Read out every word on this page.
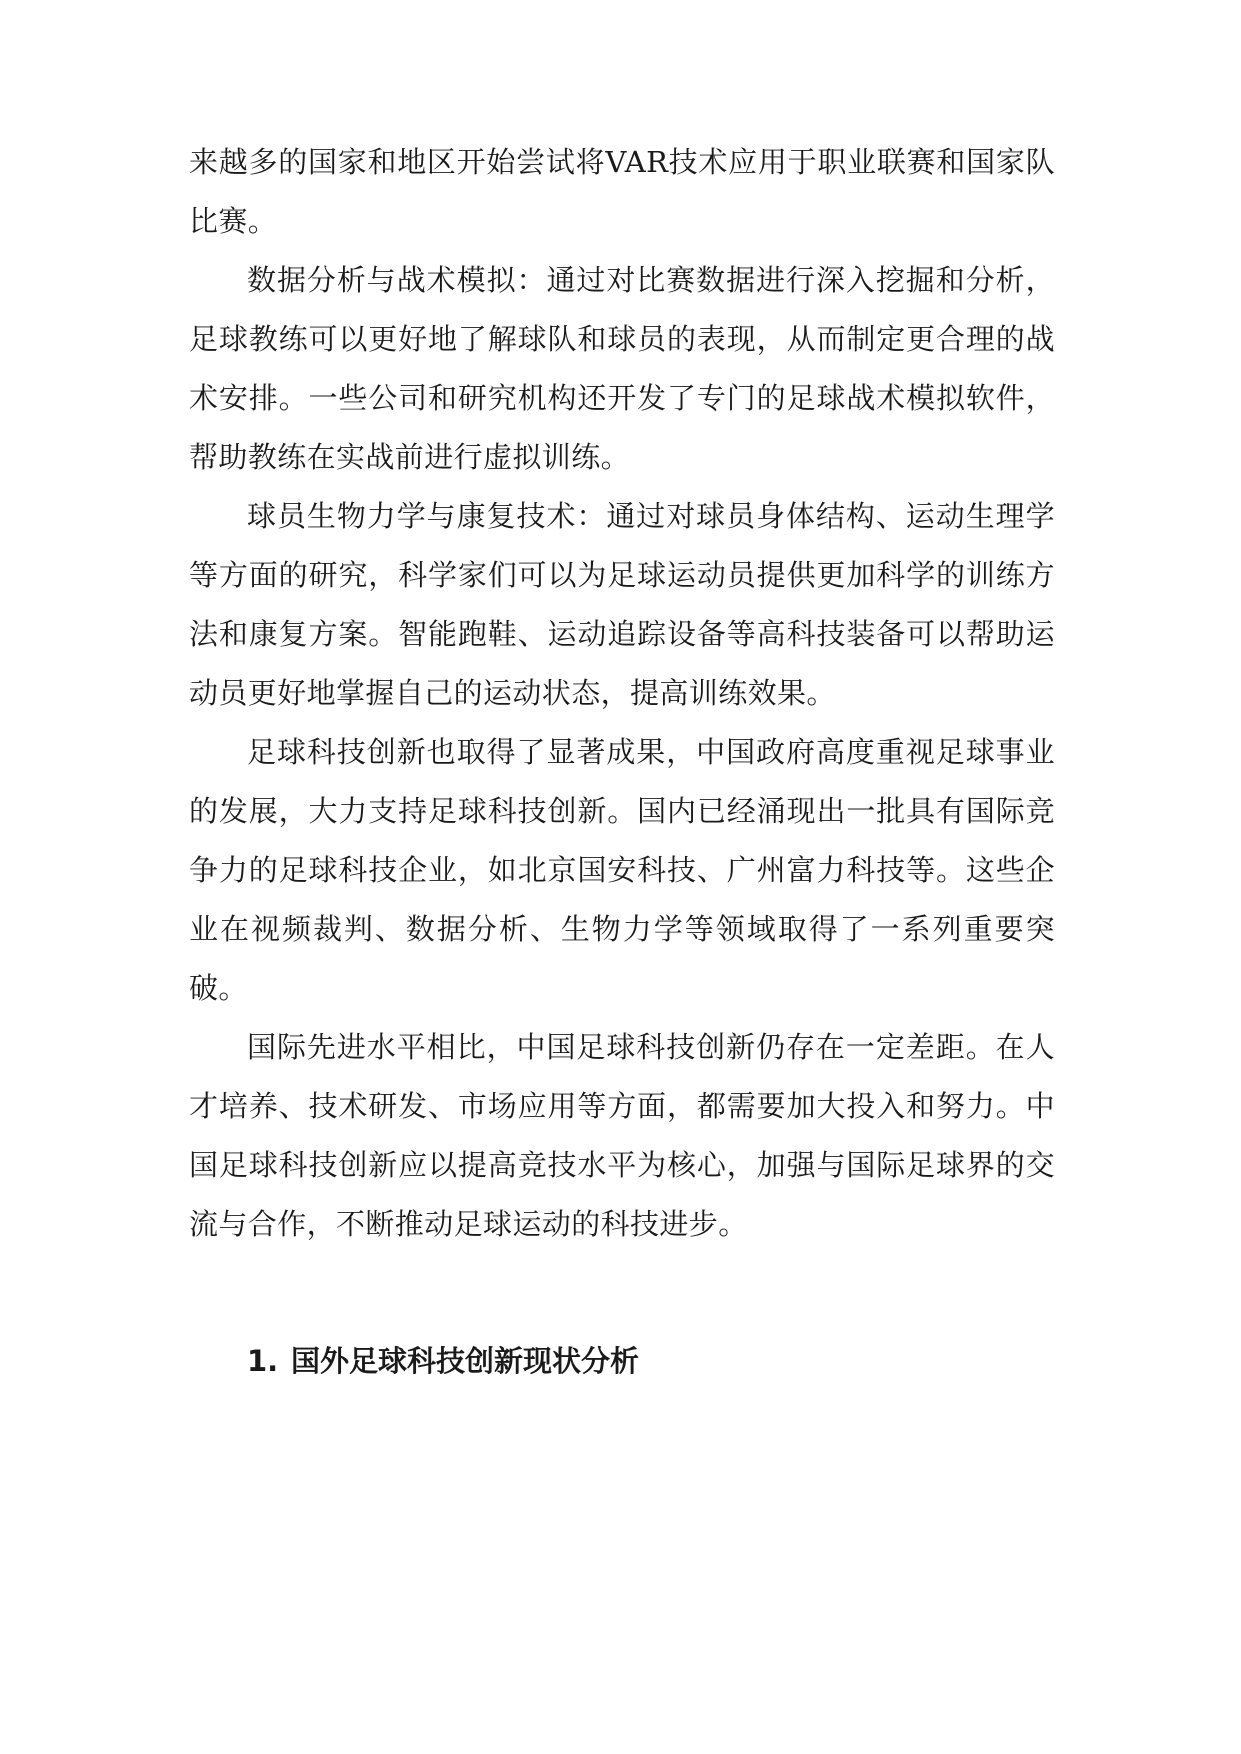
来越多的国家和地区开始尝试将VAR技术应用于职业联赛和国家队比赛。

数据分析与战术模拟：通过对比赛数据进行深入挖掘和分析，足球教练可以更好地了解球队和球员的表现，从而制定更合理的战术安排。一些公司和研究机构还开发了专门的足球战术模拟软件，帮助教练在实战前进行虚拟训练。

球员生物力学与康复技术：通过对球员身体结构、运动生理学等方面的研究，科学家们可以为足球运动员提供更加科学的训练方法和康复方案。智能跑鞋、运动追踪设备等高科技装备可以帮助运动员更好地掌握自己的运动状态，提高训练效果。

足球科技创新也取得了显著成果，中国政府高度重视足球事业的发展，大力支持足球科技创新。国内已经涌现出一批具有国际竞争力的足球科技企业，如北京国安科技、广州富力科技等。这些企业在视频裁判、数据分析、生物力学等领域取得了一系列重要突破。

国际先进水平相比，中国足球科技创新仍存在一定差距。在人才培养、技术研发、市场应用等方面，都需要加大投入和努力。中国足球科技创新应以提高竞技水平为核心，加强与国际足球界的交流与合作，不断推动足球运动的科技进步。

1. 国外足球科技创新现状分析
